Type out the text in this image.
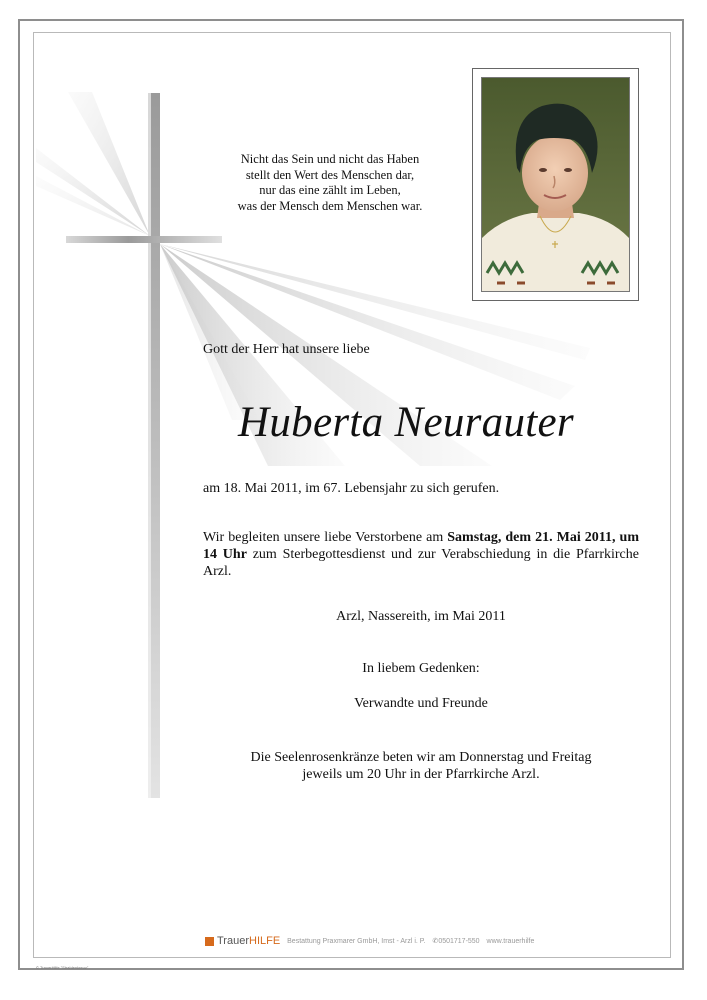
Nicht das Sein und nicht das Haben
stellt den Wert des Menschen dar,
nur das eine zählt im Leben,
was der Mensch dem Menschen war.
Gott der Herr hat unsere liebe
Huberta Neurauter
am 18. Mai 2011, im 67. Lebensjahr zu sich gerufen.
Wir begleiten unsere liebe Verstorbene am Samstag, dem 21. Mai 2011, um 14 Uhr zum Sterbegottesdienst und zur Verabschiedung in die Pfarrkirche Arzl.
Arzl, Nassereith, im Mai 2011
In liebem Gedenken:
Verwandte und Freunde
Die Seelenrosenkränze beten wir am Donnerstag und Freitag
jeweils um 20 Uhr in der Pfarrkirche Arzl.
TrauerHILFE Bestattung Praxmarer GmbH, Imst - Arzl i. P. ✆0501717-550 www.trauerhilfe
© TrauerHilfe "Strahlenkreuz"
